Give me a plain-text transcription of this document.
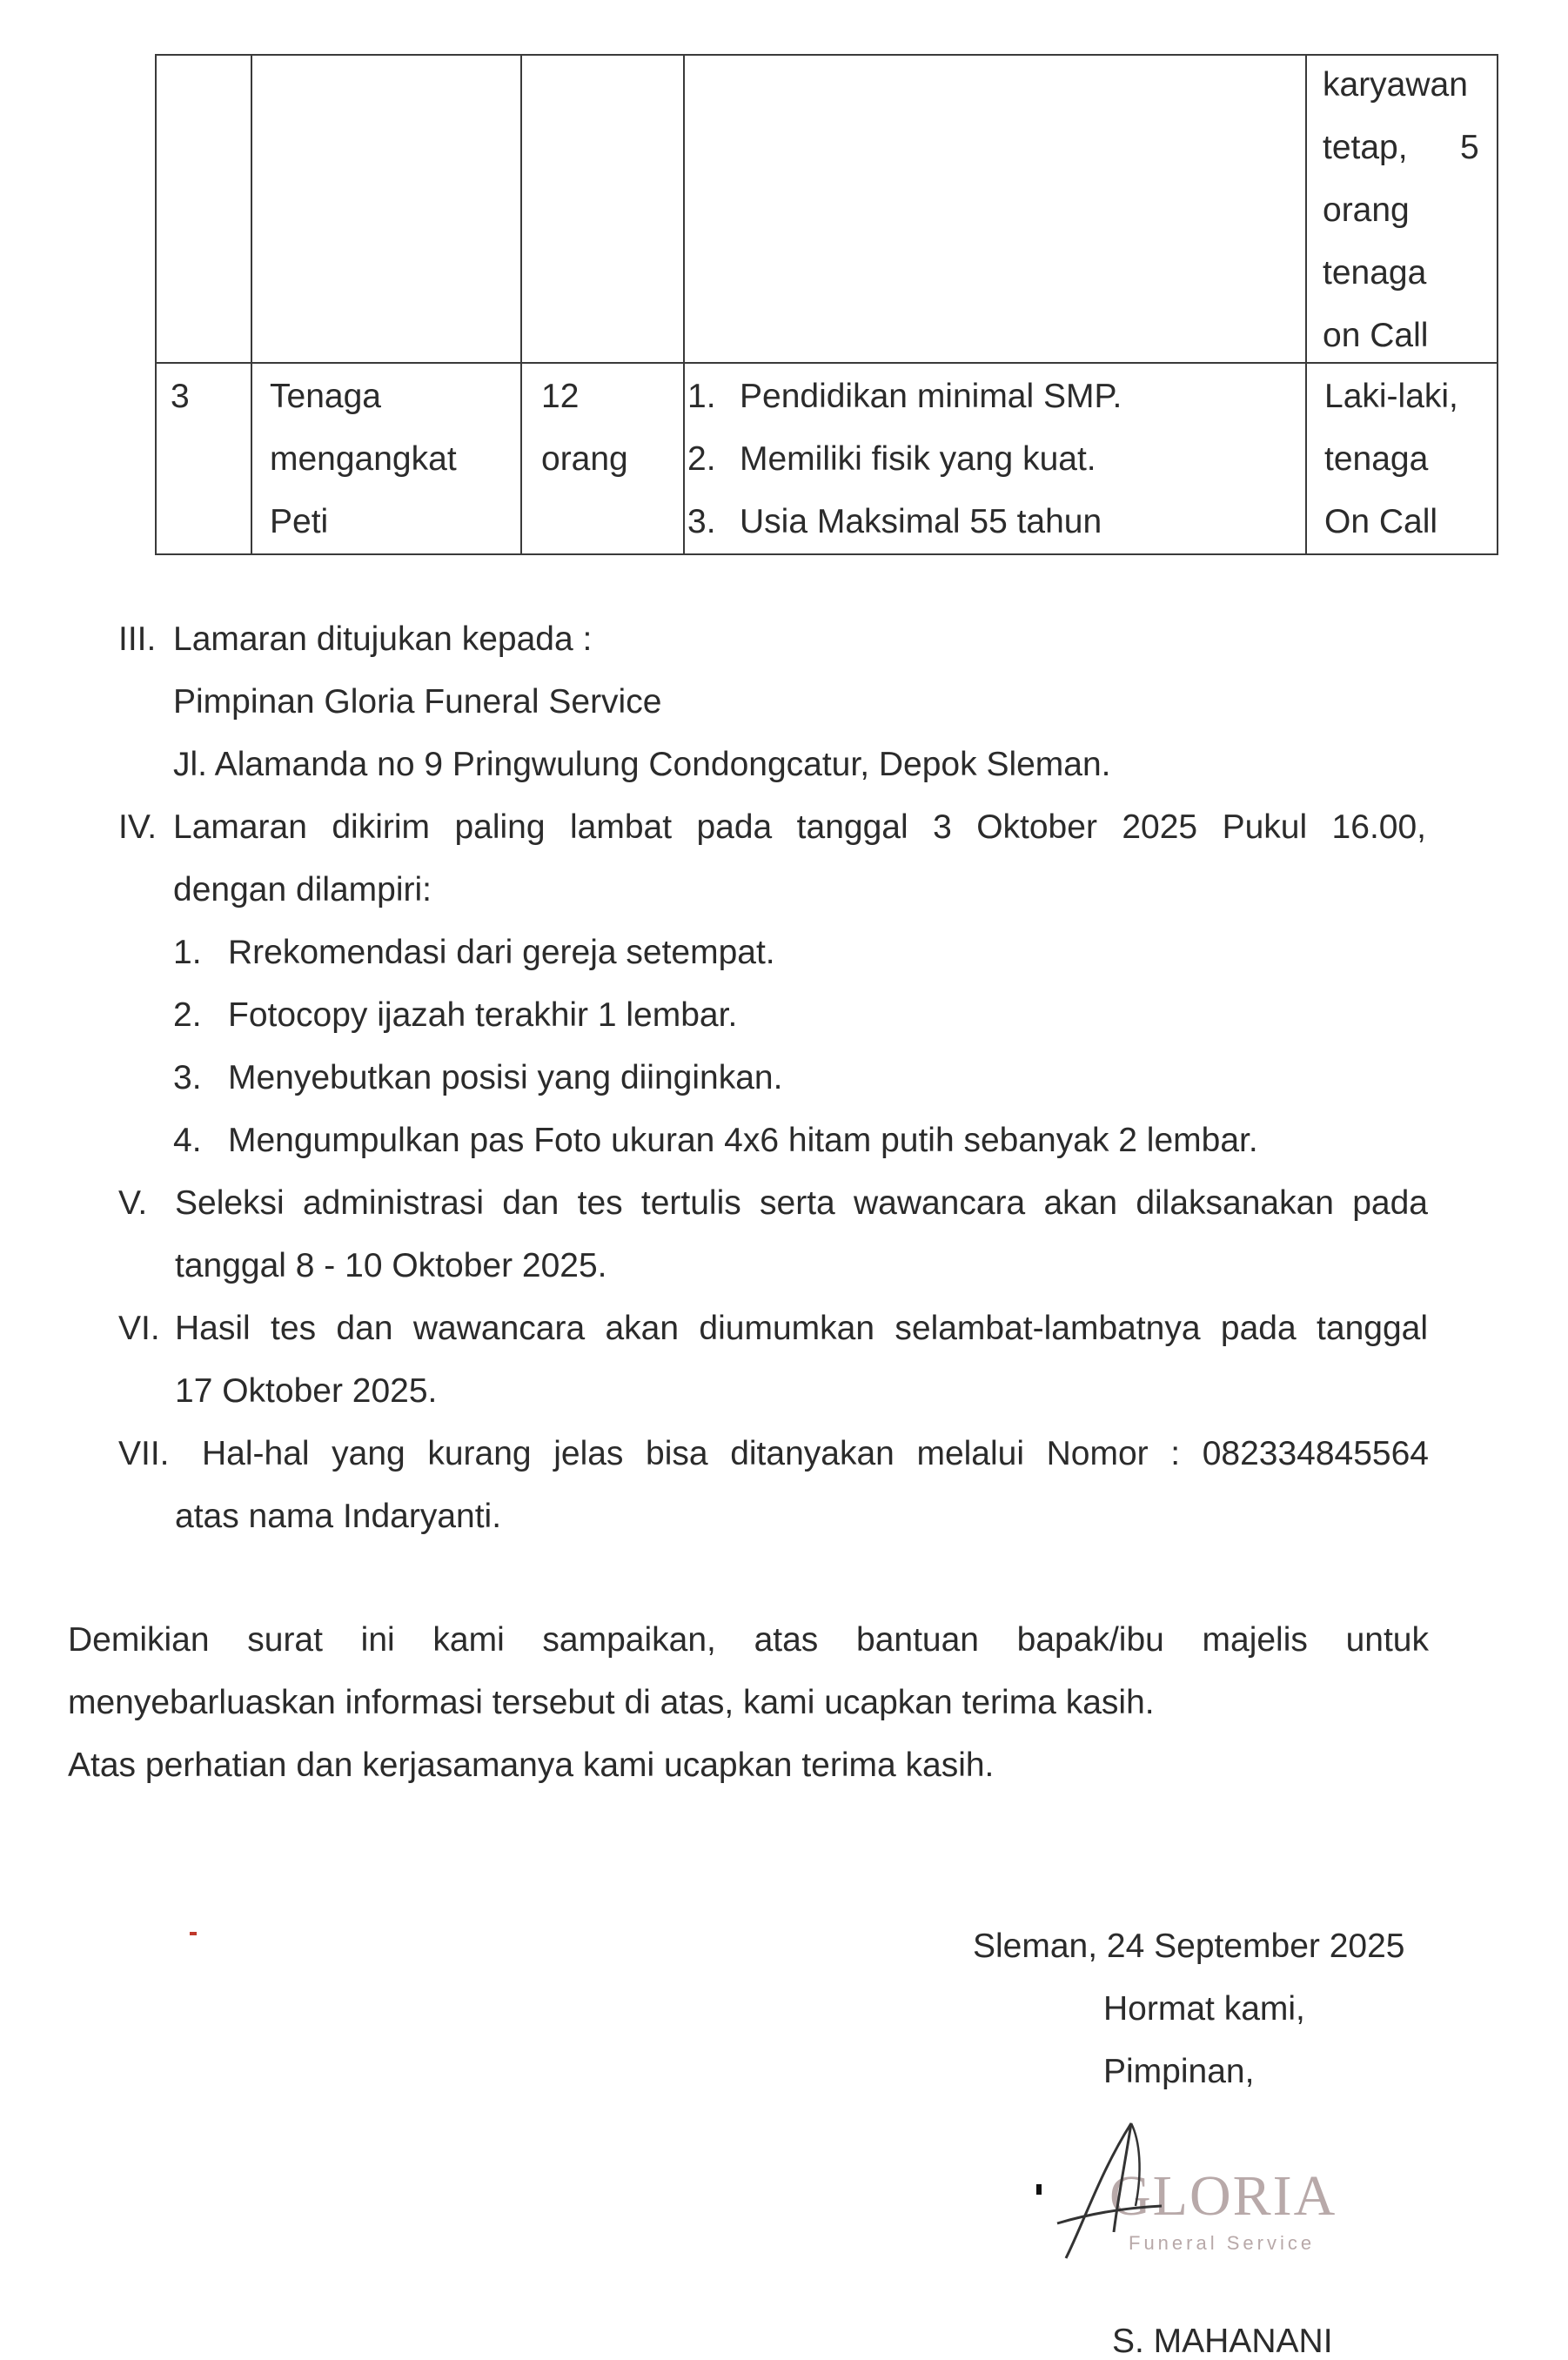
karyawan
tetap, 5
orang
tenaga
on Call
3 Tenaga
mengangkat
Peti
12
orang
1. Pendidikan minimal SMP.
2. Memiliki fisik yang kuat.
3. Usia Maksimal 55 tahun
Laki-laki,
tenaga
On Call
III. Lamaran ditujukan kepada :
Pimpinan Gloria Funeral Service
Jl. Alamanda no 9 Pringwulung Condongcatur, Depok Sleman.
IV. Lamaran dikirim paling lambat pada tanggal 3 Oktober 2025 Pukul 16.00,
dengan dilampiri:
1. Rrekomendasi dari gereja setempat.
2. Fotocopy ijazah terakhir 1 lembar.
3. Menyebutkan posisi yang diinginkan.
4. Mengumpulkan pas Foto ukuran 4x6 hitam putih sebanyak 2 lembar.
V. Seleksi administrasi dan tes tertulis serta wawancara akan dilaksanakan pada
tanggal 8 - 10 Oktober 2025.
VI. Hasil tes dan wawancara akan diumumkan selambat-lambatnya pada tanggal
17 Oktober 2025.
VII. Hal-hal yang kurang jelas bisa ditanyakan melalui Nomor : 082334845564
atas nama Indaryanti.
Demikian surat ini kami sampaikan, atas bantuan bapak/ibu majelis untuk
menyebarluaskan informasi tersebut di atas, kami ucapkan terima kasih.
Atas perhatian dan kerjasamanya kami ucapkan terima kasih.
Sleman, 24 September 2025
Hormat kami,
Pimpinan,
GLORIA
Funeral Service
S. MAHANANI
